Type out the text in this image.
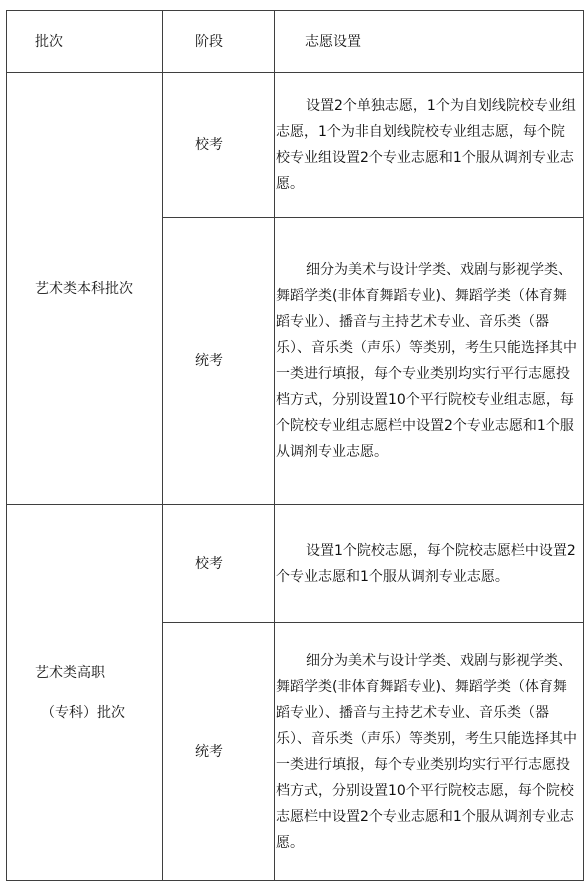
批次	阶段	志愿设置

艺术类本科批次	校考	设置2个单独志愿，1个为自划线院校专业组志愿，1个为非自划线院校专业组志愿，每个院校专业组设置2个专业志愿和1个服从调剂专业志愿。

	统考	细分为美术与设计学类、戏剧与影视学类、舞蹈学类(非体育舞蹈专业)、舞蹈学类（体育舞蹈专业）、播音与主持艺术专业、音乐类（器乐）、音乐类（声乐）等类别，考生只能选择其中一类进行填报，每个专业类别均实行平行志愿投档方式，分别设置10个平行院校专业组志愿，每个院校专业组志愿栏中设置2个专业志愿和1个服从调剂专业志愿。

艺术类高职
（专科）批次	校考	设置1个院校志愿，每个院校志愿栏中设置2个专业志愿和1个服从调剂专业志愿。

	统考	细分为美术与设计学类、戏剧与影视学类、舞蹈学类(非体育舞蹈专业)、舞蹈学类（体育舞蹈专业）、播音与主持艺术专业、音乐类（器乐）、音乐类（声乐）等类别，考生只能选择其中一类进行填报，每个专业类别均实行平行志愿投档方式，分别设置10个平行院校志愿，每个院校志愿栏中设置2个专业志愿和1个服从调剂专业志愿。
